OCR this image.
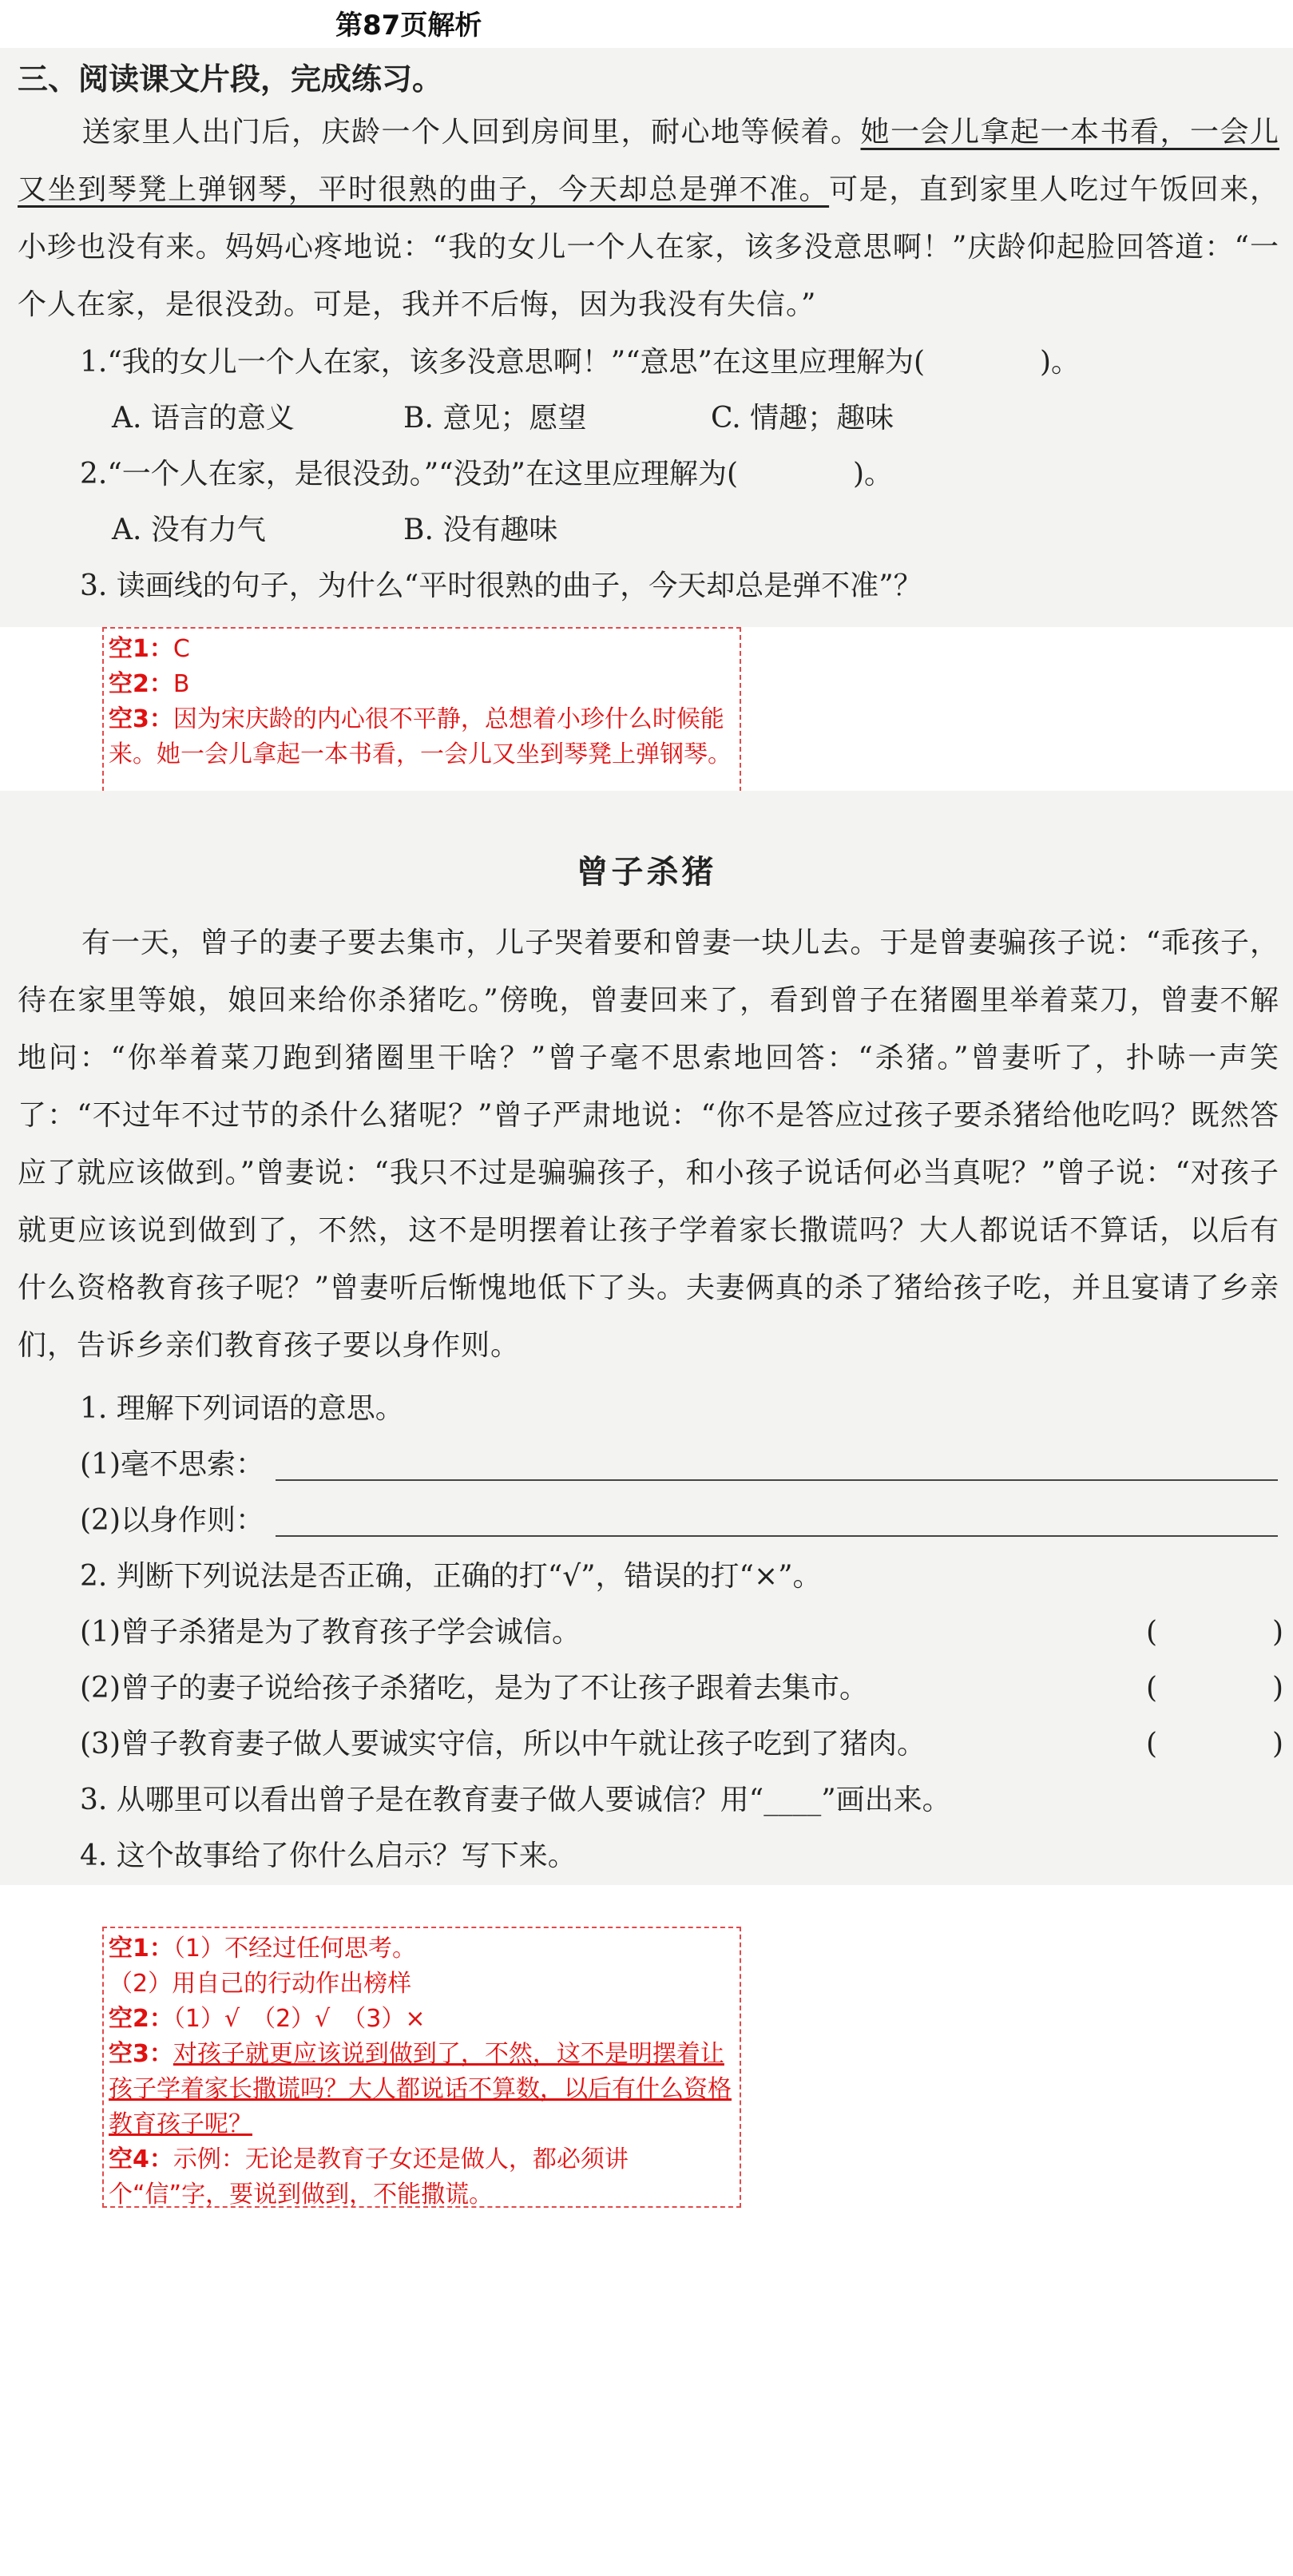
第87页解析
三、阅读课文片段，完成练习。
送家里人出门后，庆龄一个人回到房间里，耐心地等候着。她一会儿拿起一本书看，一会儿又坐到琴凳上弹钢琴，平时很熟的曲子，今天却总是弹不准。可是，直到家里人吃过午饭回来，小珍也没有来。妈妈心疼地说：“我的女儿一个人在家，该多没意思啊！”庆龄仰起脸回答道：“一个人在家，是很没劲。可是，我并不后悔，因为我没有失信。”
1.“我的女儿一个人在家，该多没意思啊！”“意思”在这里应理解为(　　　　)。
A. 语言的意义	B. 意见；愿望	C. 情趣；趣味
2.“一个人在家，是很没劲。”“没劲”在这里应理解为(　　　　)。
A. 没有力气	B. 没有趣味
3. 读画线的句子，为什么“平时很熟的曲子，今天却总是弹不准”？
空1：C
空2：B
空3：因为宋庆龄的内心很不平静，总想着小珍什么时候能来。她一会儿拿起一本书看，一会儿又坐到琴凳上弹钢琴。
曾子杀猪
有一天，曾子的妻子要去集市，儿子哭着要和曾妻一块儿去。于是曾妻骗孩子说：“乖孩子，待在家里等娘，娘回来给你杀猪吃。”傍晚，曾妻回来了，看到曾子在猪圈里举着菜刀，曾妻不解地问：“你举着菜刀跑到猪圈里干啥？”曾子毫不思索地回答：“杀猪。”曾妻听了，扑哧一声笑了：“不过年不过节的杀什么猪呢？”曾子严肃地说：“你不是答应过孩子要杀猪给他吃吗？既然答应了就应该做到。”曾妻说：“我只不过是骗骗孩子，和小孩子说话何必当真呢？”曾子说：“对孩子就更应该说到做到了，不然，这不是明摆着让孩子学着家长撒谎吗？大人都说话不算话，以后有什么资格教育孩子呢？”曾妻听后惭愧地低下了头。夫妻俩真的杀了猪给孩子吃，并且宴请了乡亲们，告诉乡亲们教育孩子要以身作则。
1. 理解下列词语的意思。
(1)毫不思索：
(2)以身作则：
2. 判断下列说法是否正确，正确的打“√”，错误的打“×”。
(1)曾子杀猪是为了教育孩子学会诚信。	(　　　　)
(2)曾子的妻子说给孩子杀猪吃，是为了不让孩子跟着去集市。	(　　　　)
(3)曾子教育妻子做人要诚实守信，所以中午就让孩子吃到了猪肉。	(　　　　)
3. 从哪里可以看出曾子是在教育妻子做人要诚信？用“____”画出来。
4. 这个故事给了你什么启示？写下来。
空1：（1）不经过任何思考。
（2）用自己的行动作出榜样
空2：（1）√　（2）√　（3）×
空3：对孩子就更应该说到做到了，不然，这不是明摆着让孩子学着家长撒谎吗？大人都说话不算数，以后有什么资格教育孩子呢？
空4：示例：无论是教育子女还是做人，都必须讲个“信”字，要说到做到，不能撒谎。
